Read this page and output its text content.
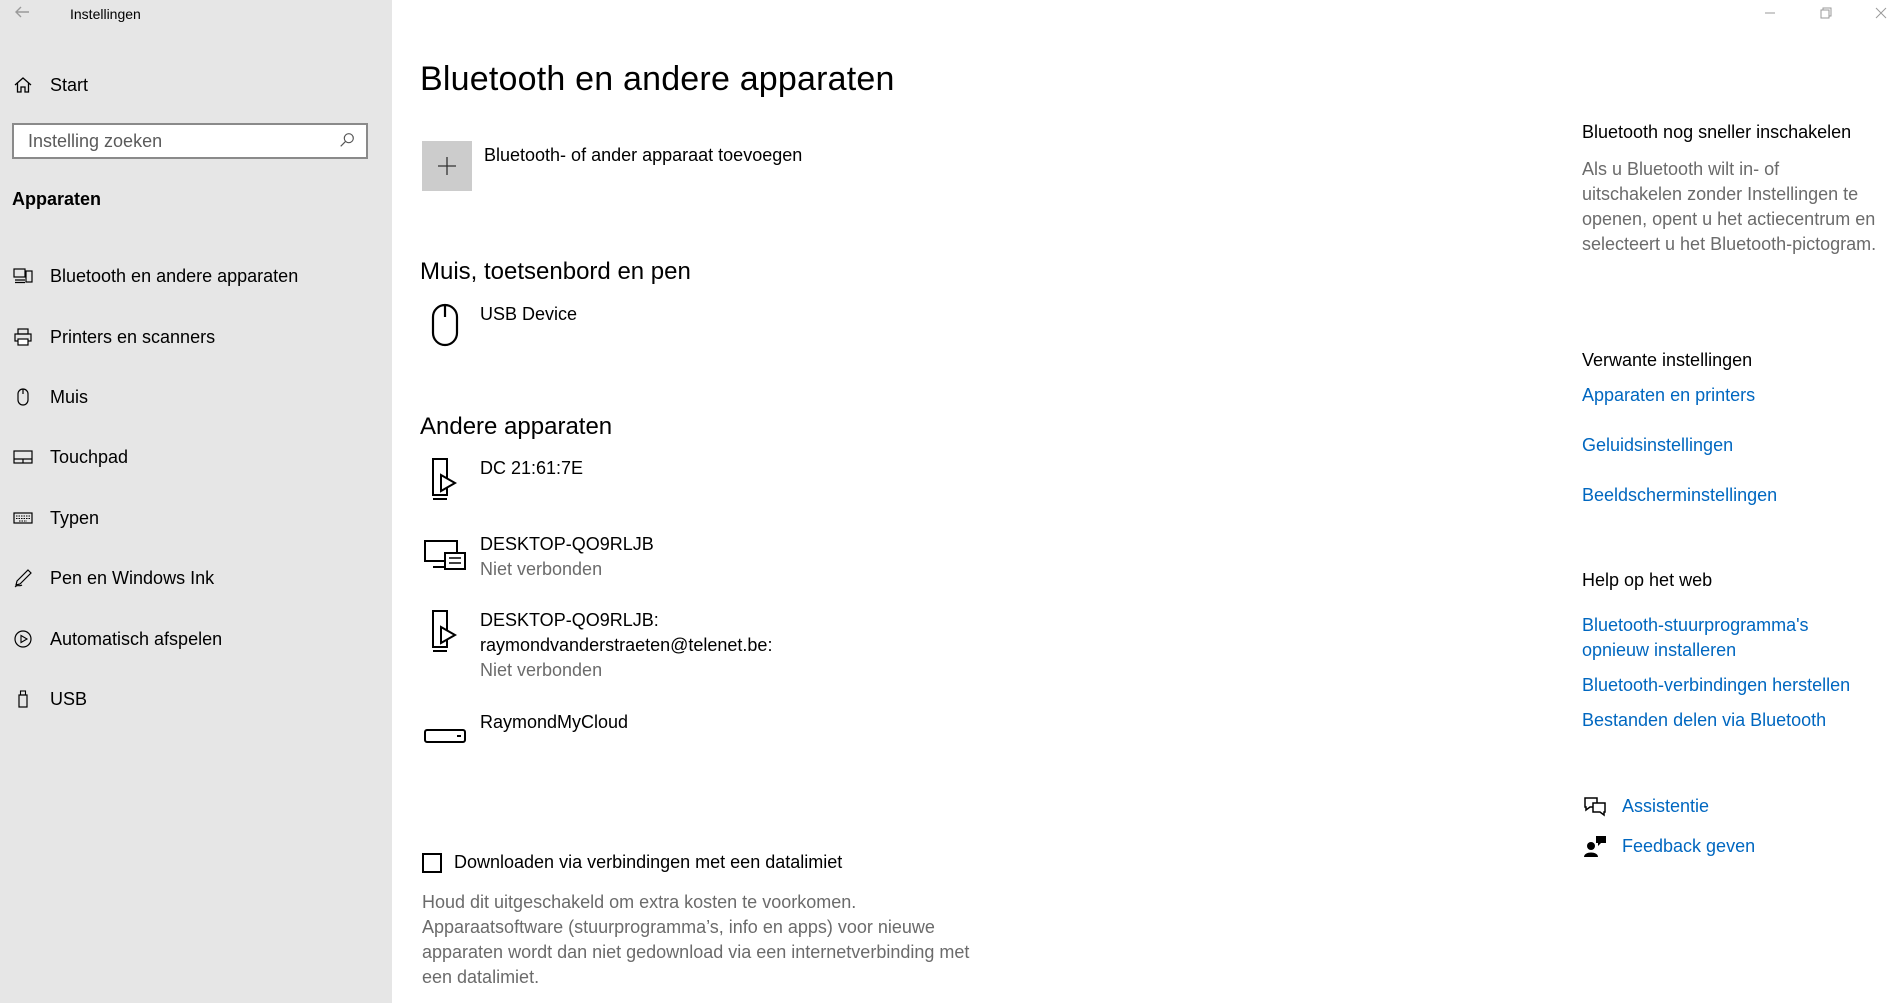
Instellingen
Start
Instelling zoeken
Apparaten
Bluetooth en andere apparaten
Printers en scanners
Muis
Touchpad
Typen
Pen en Windows Ink
Automatisch afspelen
USB
Bluetooth en andere apparaten
Bluetooth- of ander apparaat toevoegen
Muis, toetsenbord en pen
USB Device
Andere apparaten
DC 21:61:7E
DESKTOP-QO9RLJB
Niet verbonden
DESKTOP-QO9RLJB:
raymondvanderstraeten@telenet.be:
Niet verbonden
RaymondMyCloud
Downloaden via verbindingen met een datalimiet
Houd dit uitgeschakeld om extra kosten te voorkomen. Apparaatsoftware (stuurprogramma’s, info en apps) voor nieuwe apparaten wordt dan niet gedownload via een internetverbinding met een datalimiet.
Bluetooth nog sneller inschakelen
Als u Bluetooth wilt in- of uitschakelen zonder Instellingen te openen, opent u het actiecentrum en selecteert u het Bluetooth-pictogram.
Verwante instellingen
Apparaten en printers
Geluidsinstellingen
Beeldscherminstellingen
Help op het web
Bluetooth-stuurprogramma's opnieuw installeren
Bluetooth-verbindingen herstellen
Bestanden delen via Bluetooth
Assistentie
Feedback geven
